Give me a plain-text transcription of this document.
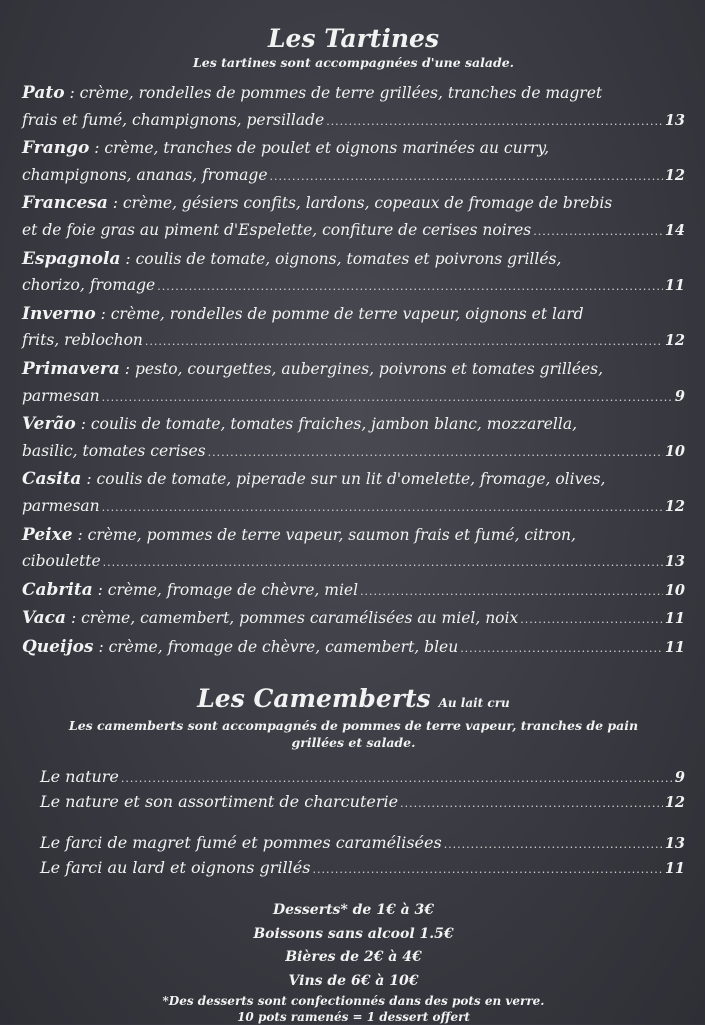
Les Tartines
Les tartines sont accompagnées d'une salade.
Pato : crème, rondelles de pommes de terre grillées, tranches de magret
frais et fumé, champignons, persillade .....	13
Frango : crème, tranches de poulet et oignons marinées au curry,
champignons, ananas, fromage .....	12
Francesa : crème, gésiers confits, lardons, copeaux de fromage de brebis
et de foie gras au piment d'Espelette, confiture de cerises noires .....	14
Espagnola : coulis de tomate, oignons, tomates et poivrons grillés,
chorizo, fromage .....	11
Inverno : crème, rondelles de pomme de terre vapeur, oignons et lard
frits, reblochon .....	12
Primavera : pesto, courgettes, aubergines, poivrons et tomates grillées,
parmesan .....	9
Verão : coulis de tomate, tomates fraiches, jambon blanc, mozzarella,
basilic, tomates cerises .....	10
Casita : coulis de tomate, piperade sur un lit d'omelette, fromage, olives,
parmesan .....	12
Peixe : crème, pommes de terre vapeur, saumon frais et fumé, citron,
ciboulette .....	13
Cabrita : crème, fromage de chèvre, miel .....	10
Vaca : crème, camembert, pommes caramélisées au miel, noix .....	11
Queijos : crème, fromage de chèvre, camembert, bleu .....	11
Les Camemberts Au lait cru
Les camemberts sont accompagnés de pommes de terre vapeur, tranches de pain grillées et salade.
Le nature .....	9
Le nature et son assortiment de charcuterie .....	12
Le farci de magret fumé et pommes caramélisées .....	13
Le farci au lard et oignons grillés .....	11
Desserts* de 1€ à 3€
Boissons sans alcool 1.5€
Bières de 2€ à 4€
Vins de 6€ à 10€
*Des desserts sont confectionnés dans des pots en verre.
10 pots ramenés = 1 dessert offert
